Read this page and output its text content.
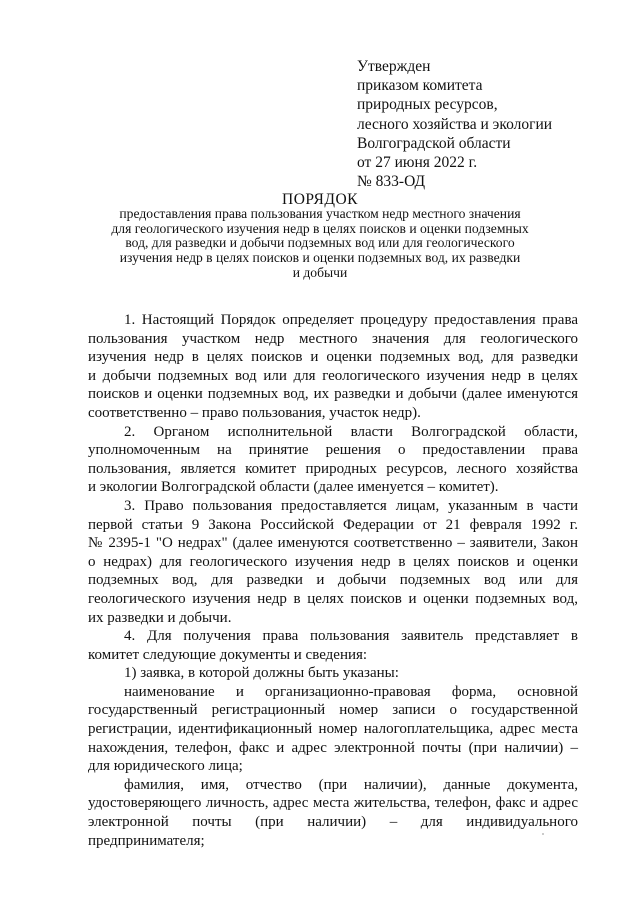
Утвержден
приказом комитета
природных ресурсов,
лесного хозяйства и экологии
Волгоградской области
от 27 июня 2022 г.
№ 833-ОД
ПОРЯДОК
предоставления права пользования участком недр местного значения
для геологического изучения недр в целях поисков и оценки подземных
вод, для разведки и добычи подземных вод или для геологического
изучения недр в целях поисков и оценки подземных вод, их разведки
и добычи
1. Настоящий Порядок определяет процедуру предоставления права
пользования участком недр местного значения для геологического
изучения недр в целях поисков и оценки подземных вод, для разведки
и добычи подземных вод или для геологического изучения недр в целях
поисков и оценки подземных вод, их разведки и добычи (далее именуются
соответственно – право пользования, участок недр).
2. Органом исполнительной власти Волгоградской области,
уполномоченным на принятие решения о предоставлении права
пользования, является комитет природных ресурсов, лесного хозяйства
и экологии Волгоградской области (далее именуется – комитет).
3. Право пользования предоставляется лицам, указанным в части
первой статьи 9 Закона Российской Федерации от 21 февраля 1992 г.
№ 2395-1 "О недрах" (далее именуются соответственно – заявители, Закон
о недрах) для геологического изучения недр в целях поисков и оценки
подземных вод, для разведки и добычи подземных вод или для
геологического изучения недр в целях поисков и оценки подземных вод,
их разведки и добычи.
4. Для получения права пользования заявитель представляет в
комитет следующие документы и сведения:
1) заявка, в которой должны быть указаны:
наименование и организационно-правовая форма, основной
государственный регистрационный номер записи о государственной
регистрации, идентификационный номер налогоплательщика, адрес места
нахождения, телефон, факс и адрес электронной почты (при наличии) –
для юридического лица;
фамилия, имя, отчество (при наличии), данные документа,
удостоверяющего личность, адрес места жительства, телефон, факс и адрес
электронной почты (при наличии) – для индивидуального
предпринимателя;
